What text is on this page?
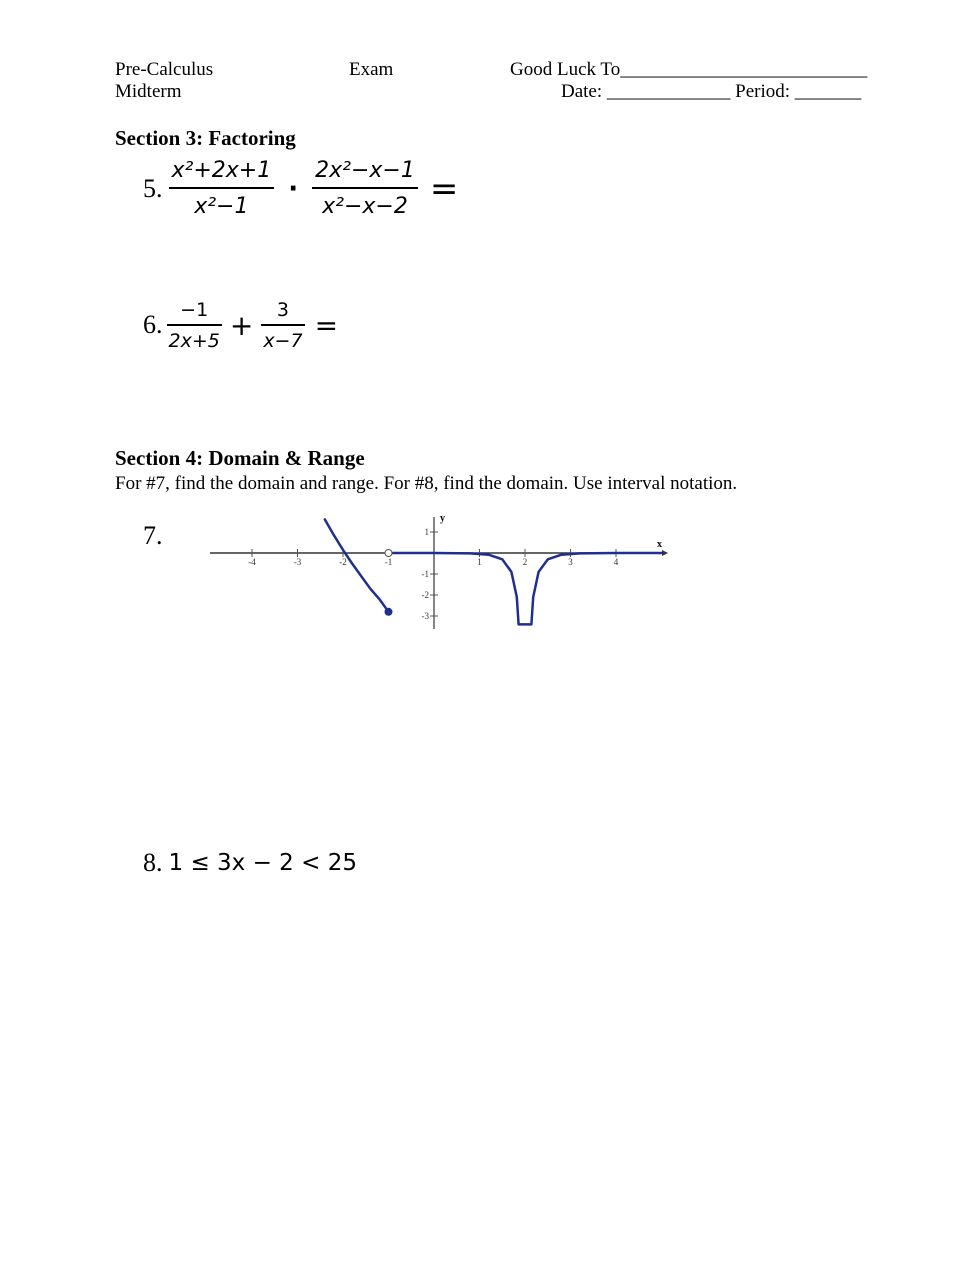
Pre-Calculus
Midterm
Exam	Good Luck To__________________________
Date: _____________ Period: _______
Section 3: Factoring
5. $\frac{\text{x²+2x+1}}{\text{x²−1}} \cdot \frac{\text{2x²−x−1}}{\text{x²−x−2}}$ =
6. $\frac{-1}{2x+5} + \frac{3}{x-7}$ =
Section 4: Domain & Range
For #7, find the domain and range. For #8, find the domain. Use interval notation.
7.	x
y
-4	-3	-2	-1	1	2	3	4
1
-1
-2
-3
8. 1 ≤ 3x − 2 < 25
